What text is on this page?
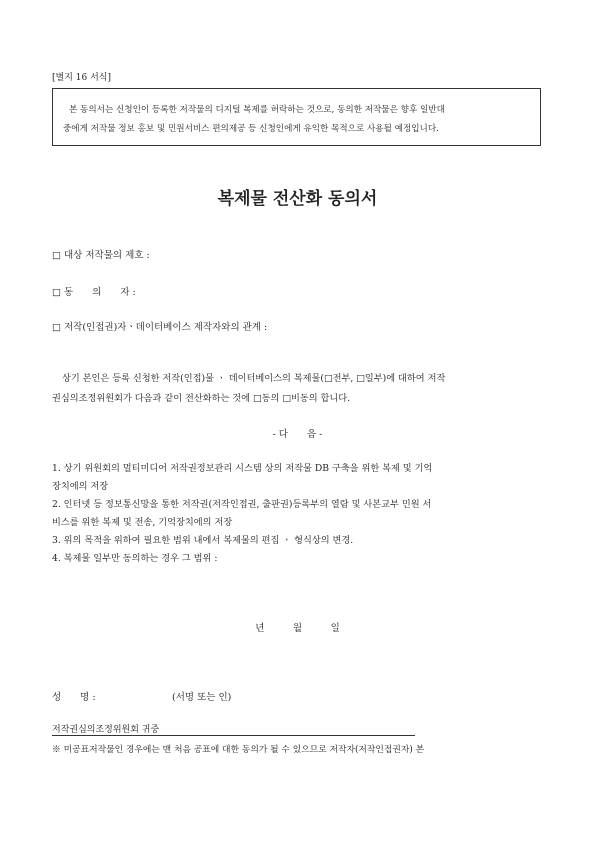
[별지 16 서식]
본 동의서는 신청인이 등록한 저작물의 디지털 복제를 허락하는 것으로, 동의한 저작물은 향후 일반대
중에게 저작물 정보 홍보 및 민원서비스 편의제공 등 신청인에게 유익한 목적으로 사용될 예정입니다.
복제물 전산화 동의서
□ 대상 저작물의 제호 :
□ 동　　의　　자 :
□ 저작(인접권)자ㆍ데이터베이스 제작자와의 관계 :
상기 본인은 등록 신청한 저작(인접)물 ㆍ 데이터베이스의 복제물(□전부, □일부)에 대하여 저작
권심의조정위원회가 다음과 같이 전산화하는 것에 □동의 □비동의 합니다.
- 다　　음 -
1. 상기 위원회의 멀티미디어 저작권정보관리 시스템 상의 저작물 DB 구축을 위한 복제 및 기억
장치에의 저장
2. 인터넷 등 정보통신망을 통한 저작권(저작인접권, 출판권)등록부의 열람 및 사본교부 민원 서
비스를 위한 복제 및 전송, 기억장치에의 저장
3. 위의 목적을 위하여 필요한 범위 내에서 복제물의 편집 ㆍ 형식상의 변경.
4. 복제물 일부만 동의하는 경우 그 범위 :
년　　　월　　　일
성　　명 :	(서명 또는 인)
저작권심의조정위원회 귀중
※ 미공표저작물인 경우에는 맨 처음 공표에 대한 동의가 될 수 있으므로 저작자(저작인접권자) 본
